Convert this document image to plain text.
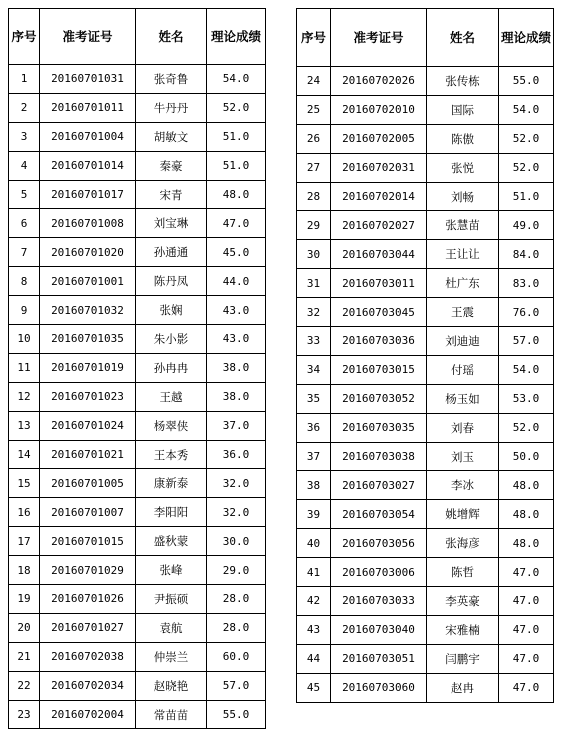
序号	准考证号	姓名	理论成绩
1	20160701031	张奇鲁	54.0
2	20160701011	牛丹丹	52.0
3	20160701004	胡敏文	51.0
4	20160701014	秦豪	51.0
5	20160701017	宋青	48.0
6	20160701008	刘宝琳	47.0
7	20160701020	孙通通	45.0
8	20160701001	陈丹凤	44.0
9	20160701032	张娴	43.0
10	20160701035	朱小影	43.0
11	20160701019	孙冉冉	38.0
12	20160701023	王越	38.0
13	20160701024	杨翠侠	37.0
14	20160701021	王本秀	36.0
15	20160701005	康新泰	32.0
16	20160701007	李阳阳	32.0
17	20160701015	盛秋蒙	30.0
18	20160701029	张峰	29.0
19	20160701026	尹振硕	28.0
20	20160701027	袁航	28.0
21	20160702038	仲崇兰	60.0
22	20160702034	赵晓艳	57.0
23	20160702004	常苗苗	55.0
序号	准考证号	姓名	理论成绩
24	20160702026	张传栋	55.0
25	20160702010	国际	54.0
26	20160702005	陈傲	52.0
27	20160702031	张悦	52.0
28	20160702014	刘畅	51.0
29	20160702027	张慧苗	49.0
30	20160703044	王让让	84.0
31	20160703011	杜广东	83.0
32	20160703045	王震	76.0
33	20160703036	刘迪迪	57.0
34	20160703015	付瑶	54.0
35	20160703052	杨玉如	53.0
36	20160703035	刘春	52.0
37	20160703038	刘玉	50.0
38	20160703027	李冰	48.0
39	20160703054	姚增辉	48.0
40	20160703056	张海彦	48.0
41	20160703006	陈哲	47.0
42	20160703033	李英豪	47.0
43	20160703040	宋雅楠	47.0
44	20160703051	闫鹏宇	47.0
45	20160703060	赵冉	47.0
